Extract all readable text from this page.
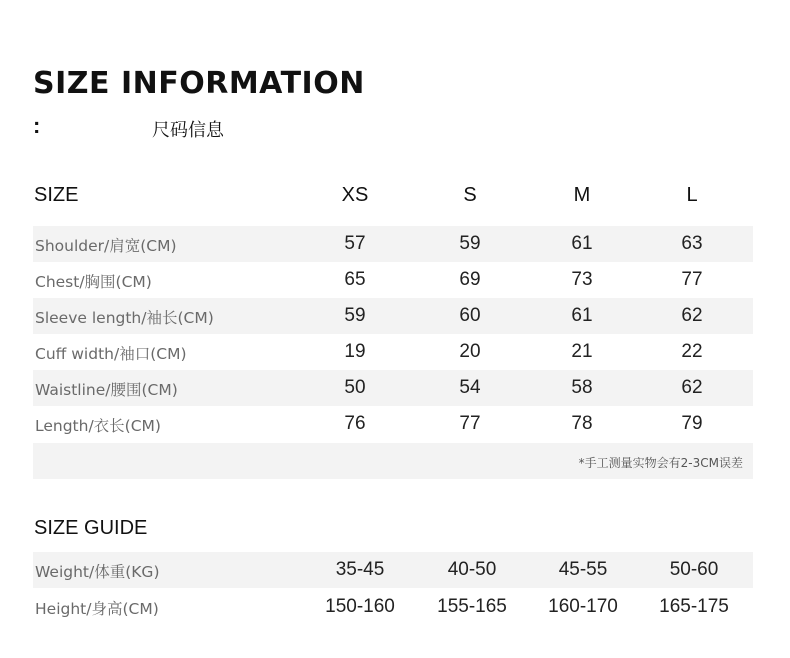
SIZE INFORMATION
:	尺码信息
SIZE	XS	S	M	L
Shoulder/肩宽(CM)	57	59	61	63
Chest/胸围(CM)	65	69	73	77
Sleeve length/袖长(CM)	59	60	61	62
Cuff width/袖口(CM)	19	20	21	22
Waistline/腰围(CM)	50	54	58	62
Length/衣长(CM)	76	77	78	79
*手工测量实物会有2-3CM误差
SIZE GUIDE
Weight/体重(KG)	35-45	40-50	45-55	50-60
Height/身高(CM)	150-160	155-165	160-170	165-175
